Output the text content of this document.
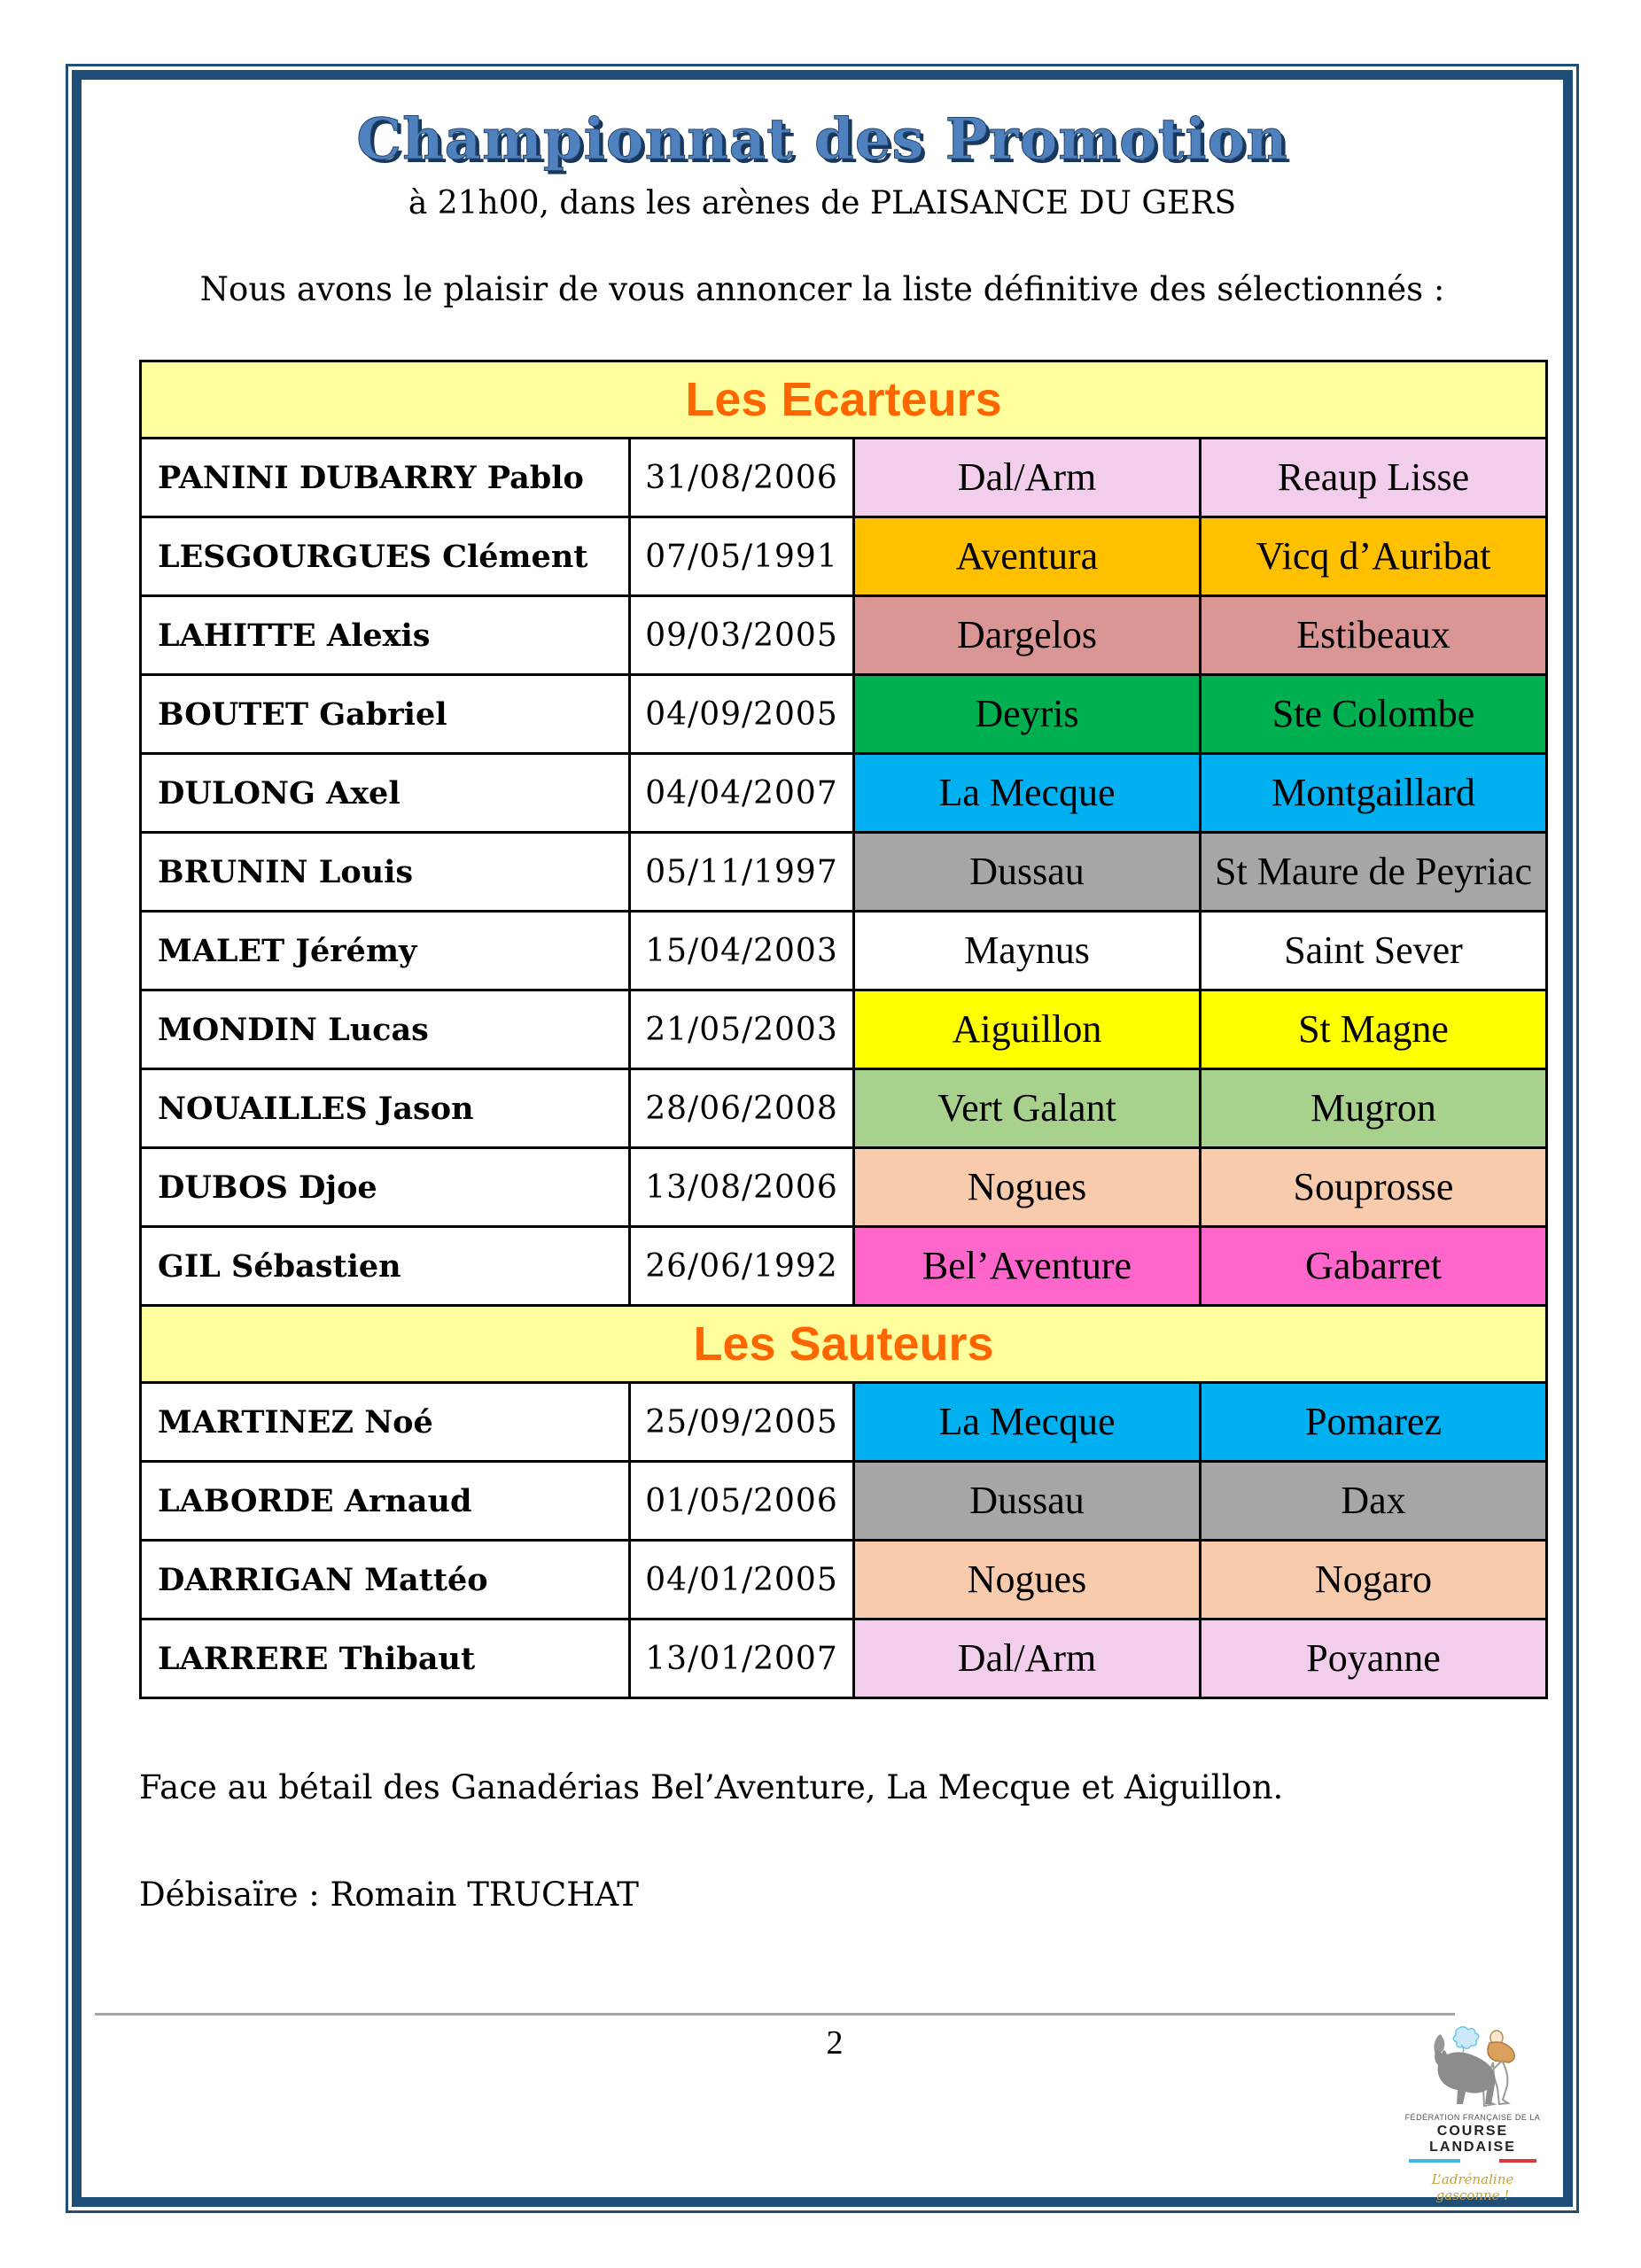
Championnat des Promotion
à 21h00, dans les arènes de PLAISANCE DU GERS
Nous avons le plaisir de vous annoncer la liste définitive des sélectionnés :
Les Ecarteurs			
PANINI DUBARRY Pablo	31/08/2006	Dal/Arm	Reaup Lisse
LESGOURGUES Clément	07/05/1991	Aventura	Vicq d’Auribat
LAHITTE Alexis	09/03/2005	Dargelos	Estibeaux
BOUTET Gabriel	04/09/2005	Deyris	Ste Colombe
DULONG Axel	04/04/2007	La Mecque	Montgaillard
BRUNIN Louis	05/11/1997	Dussau	St Maure de Peyriac
MALET Jérémy	15/04/2003	Maynus	Saint Sever
MONDIN Lucas	21/05/2003	Aiguillon	St Magne
NOUAILLES Jason	28/06/2008	Vert Galant	Mugron
DUBOS Djoe	13/08/2006	Nogues	Souprosse
GIL Sébastien	26/06/1992	Bel’Aventure	Gabarret
Les Sauteurs			
MARTINEZ Noé	25/09/2005	La Mecque	Pomarez
LABORDE Arnaud	01/05/2006	Dussau	Dax
DARRIGAN Mattéo	04/01/2005	Nogues	Nogaro
LARRERE Thibaut	13/01/2007	Dal/Arm	Poyanne

Face au bétail des Ganadérias Bel’Aventure, La Mecque et Aiguillon.

Débisaïre : Romain TRUCHAT

2
FÉDÉRATION FRANÇAISE DE LA
COURSE LANDAISE
L’adrénaline gasconne !
